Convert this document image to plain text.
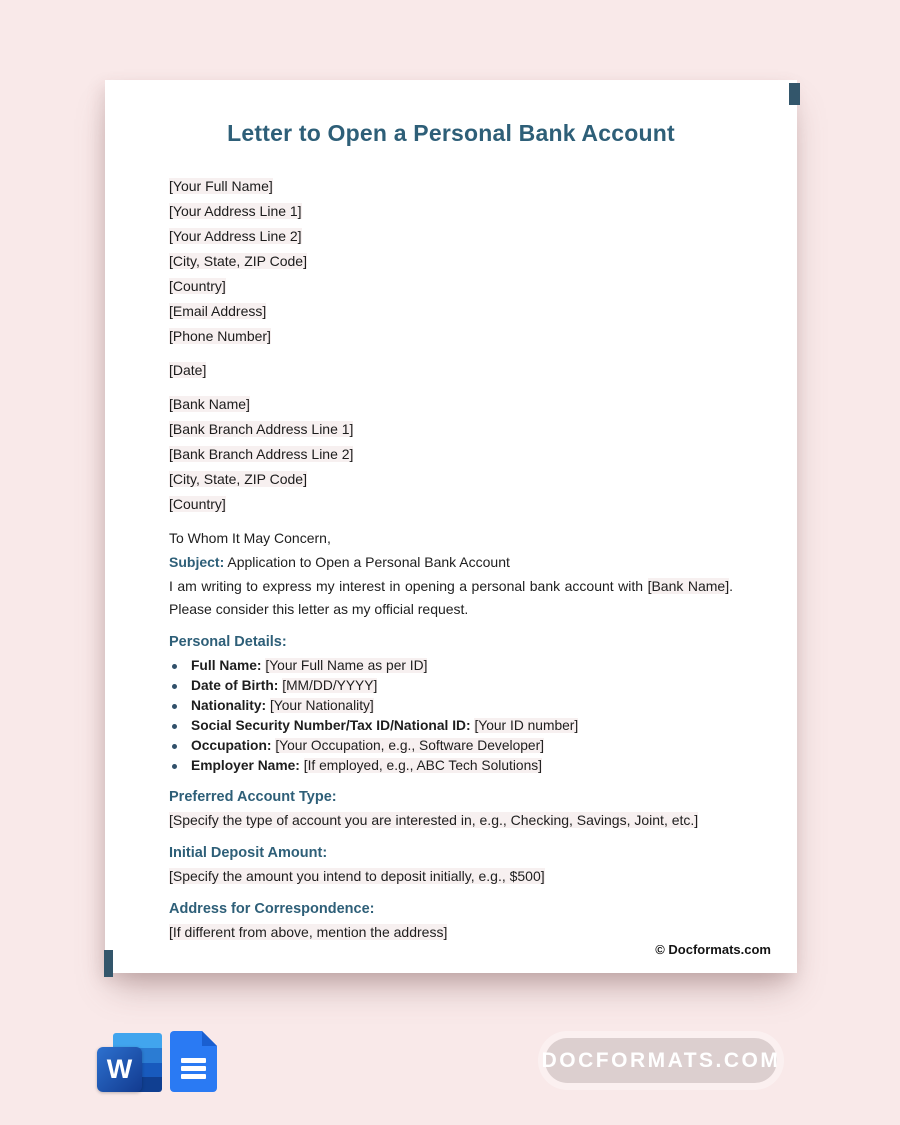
Letter to Open a Personal Bank Account
[Your Full Name]
[Your Address Line 1]
[Your Address Line 2]
[City, State, ZIP Code]
[Country]
[Email Address]
[Phone Number]
[Date]
[Bank Name]
[Bank Branch Address Line 1]
[Bank Branch Address Line 2]
[City, State, ZIP Code]
[Country]
To Whom It May Concern,
Subject: Application to Open a Personal Bank Account

I am writing to express my interest in opening a personal bank account with [Bank Name]. Please consider this letter as my official request.

Personal Details:
Full Name: [Your Full Name as per ID]
Date of Birth: [MM/DD/YYYY]
Nationality: [Your Nationality]
Social Security Number/Tax ID/National ID: [Your ID number]
Occupation: [Your Occupation, e.g., Software Developer]
Employer Name: [If employed, e.g., ABC Tech Solutions]
Preferred Account Type:
[Specify the type of account you are interested in, e.g., Checking, Savings, Joint, etc.]
Initial Deposit Amount:
[Specify the amount you intend to deposit initially, e.g., $500]
Address for Correspondence:
[If different from above, mention the address]
© Docformats.com
W	DOCFORMATS.COM
